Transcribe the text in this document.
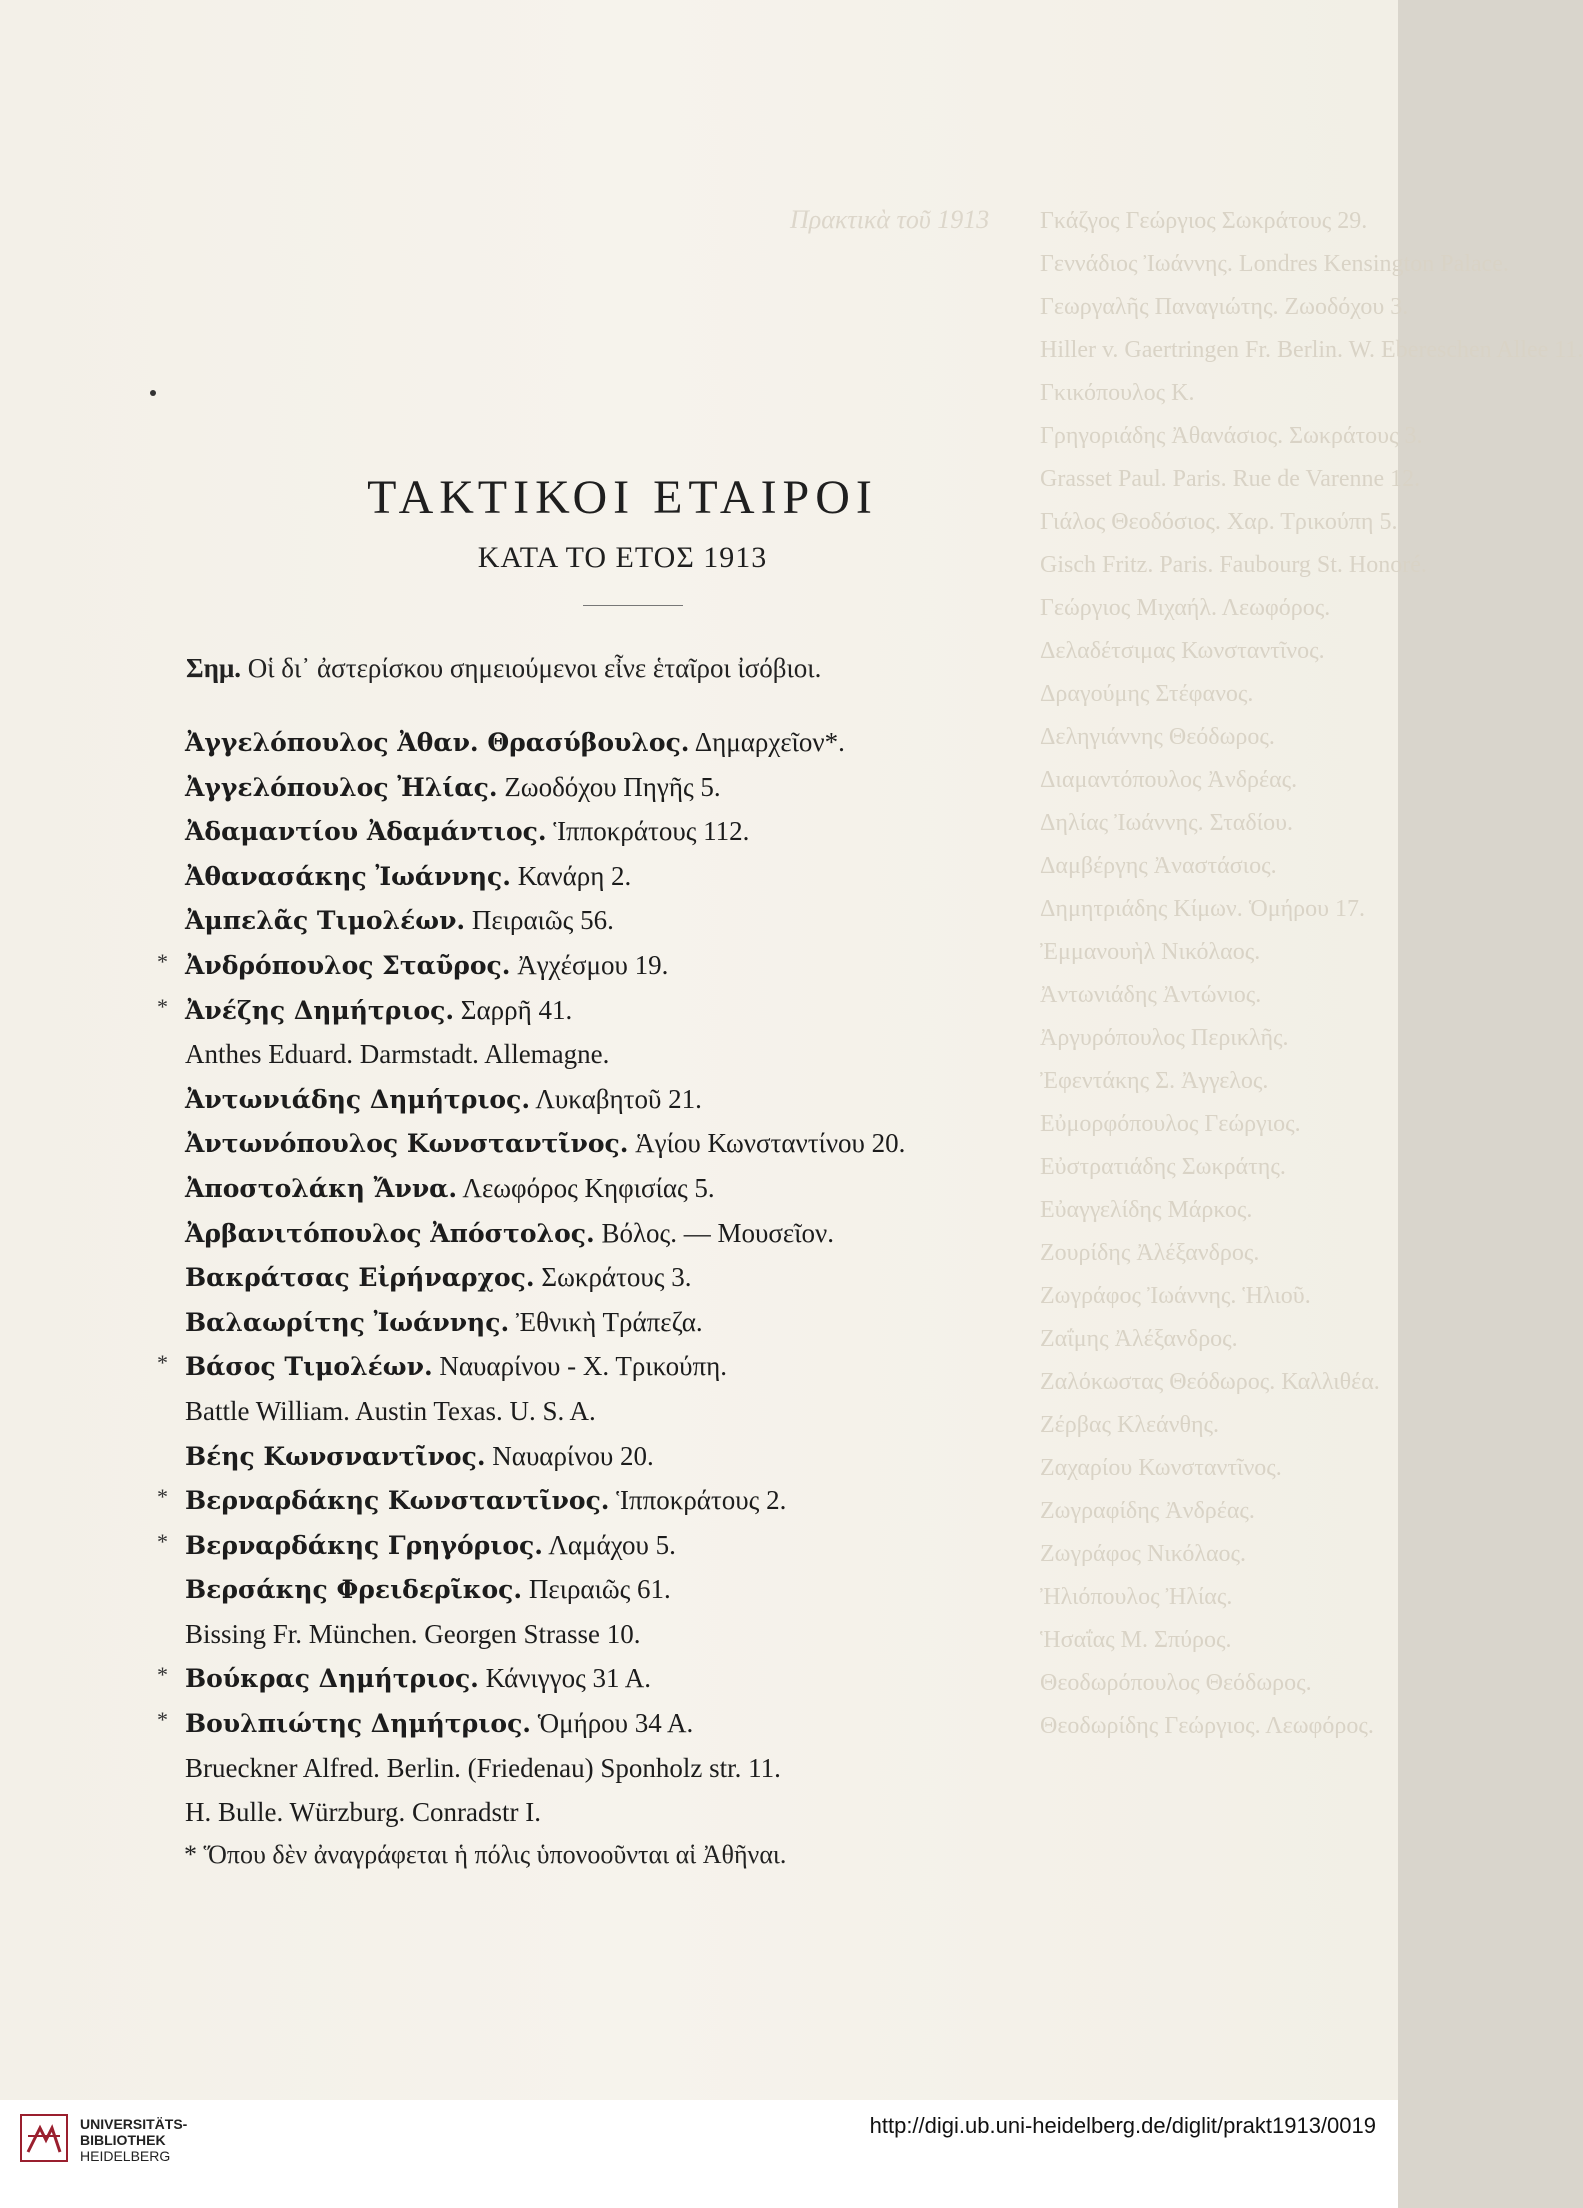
Πρακτικὰ τοῦ 1913 Γκάζγος Γεώργιος Σωκράτους 29.
Γεννάδιος Ἰωάννης. Londres Kensington Palace.
Γεωργαλῆς Παναγιώτης. Ζωοδόχου 3.
Hiller v. Gaertringen Fr. Berlin. W. Ebereschen Allee 11.
Γκικόπουλος Κ.
Γρηγοριάδης Ἀθανάσιος. Σωκράτους 3.
Grasset Paul. Paris. Rue de Varenne 12.
Γιάλος Θεοδόσιος. Χαρ. Τρικούπη 5.
Gisch Fritz. Paris. Faubourg St. Honoré.
Γεώργιος Μιχαήλ. Λεωφόρος.
Δελαδέτσιμας Κωνσταντῖνος.
Δραγούμης Στέφανος.
Δεληγιάννης Θεόδωρος.
Διαμαντόπουλος Ἀνδρέας.
Δηλίας Ἰωάννης. Σταδίου.
Δαμβέργης Ἀναστάσιος.
Δημητριάδης Κίμων. Ὁμήρου 17.
Ἐμμανουὴλ Νικόλαος.
Ἀντωνιάδης Ἀντώνιος.
Ἀργυρόπουλος Περικλῆς.
Ἐφεντάκης Σ. Ἀγγελος.
Εὐμορφόπουλος Γεώργιος.
Εὐστρατιάδης Σωκράτης.
Εὐαγγελίδης Μάρκος.
Ζουρίδης Ἀλέξανδρος.
Ζωγράφος Ἰωάννης. Ἡλιοῦ.
Ζαΐμης Ἀλέξανδρος.
Ζαλόκωστας Θεόδωρος. Καλλιθέα.
Ζέρβας Κλεάνθης.
Ζαχαρίου Κωνσταντῖνος.
Ζωγραφίδης Ἀνδρέας.
Ζωγράφος Νικόλαος.
Ἠλιόπουλος Ἠλίας.
Ἡσαΐας Μ. Σπύρος.
Θεοδωρόπουλος Θεόδωρος.
Θεοδωρίδης Γεώργιος. Λεωφόρος.
ΤΑΚΤΙΚΟΙ ΕΤΑΙΡΟΙ
ΚΑΤΑ ΤΟ ΕΤΟΣ 1913
Σημ. Οἱ δι᾽ ἀστερίσκου σημειούμενοι εἶνε ἑταῖροι ἰσόβιοι.
Ἀγγελόπουλος Ἀθαν. Θρασύβουλος. Δημαρχεῖον*.
Ἀγγελόπουλος Ἠλίας. Ζωοδόχου Πηγῆς 5.
Ἀδαμαντίου Ἀδαμάντιος. Ἱπποκράτους 112.
Ἀθανασάκης Ἰωάννης. Κανάρη 2.
Ἀμπελᾶς Τιμολέων. Πειραιῶς 56.
* Ἀνδρόπουλος Σταῦρος. Ἀγχέσμου 19.
* Ἀνέζης Δημήτριος. Σαρρῆ 41.
Anthes Eduard. Darmstadt. Allemagne.
Ἀντωνιάδης Δημήτριος. Λυκαβητοῦ 21.
Ἀντωνόπουλος Κωνσταντῖνος. Ἁγίου Κωνσταντίνου 20.
Ἀποστολάκη Ἄννα. Λεωφόρος Κηφισίας 5.
Ἀρβανιτόπουλος Ἀπόστολος. Βόλος. — Μουσεῖον.
Βακράτσας Εἰρήναρχος. Σωκράτους 3.
Βαλαωρίτης Ἰωάννης. Ἐθνικὴ Τράπεζα.
* Βάσος Τιμολέων. Ναυαρίνου - Χ. Τρικούπη.
Battle William. Austin Texas. U. S. A.
Βέης Κωνσναντῖνος. Ναυαρίνου 20.
* Βερναρδάκης Κωνσταντῖνος. Ἱπποκράτους 2.
* Βερναρδάκης Γρηγόριος. Λαμάχου 5.
Βερσάκης Φρειδερῖκος. Πειραιῶς 61.
Bissing Fr. München. Georgen Strasse 10.
* Βούκρας Δημήτριος. Κάνιγγος 31 Α.
* Βουλπιώτης Δημήτριος. Ὁμήρου 34 Α.
Brueckner Alfred. Berlin. (Friedenau) Sponholz str. 11.
H. Bulle. Würzburg. Conradstr I.
* Ὅπου δὲν ἀναγράφεται ἡ πόλις ὑπονοοῦνται αἱ Ἀθῆναι.
UNIVERSITÄTS-
BIBLIOTHEK
HEIDELBERG
http://digi.ub.uni-heidelberg.de/diglit/prakt1913/0019
